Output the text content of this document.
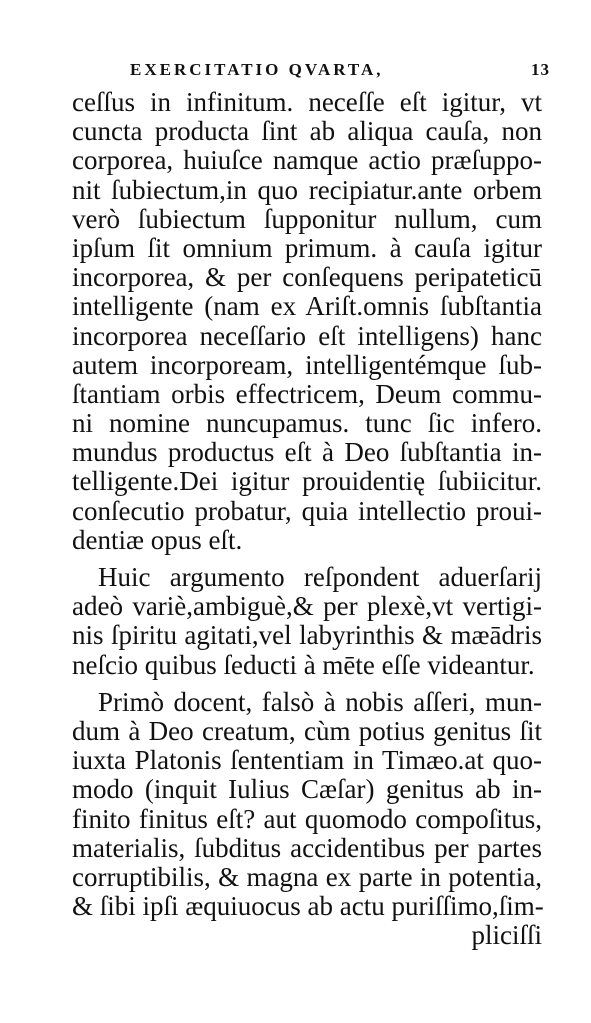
EXERCITATIO QVARTA,	13
ceſſus in infinitum. neceſſe eſt igitur, vt
cuncta producta ſint ab aliqua cauſa, non
corporea, huiuſce namque actio præſuppo-
nit ſubiectum,in quo recipiatur.ante orbem
verò ſubiectum ſupponitur nullum, cum
ipſum ſit omnium primum. à cauſa igitur
incorporea, & per conſequens peripateticū
intelligente (nam ex Ariſt.omnis ſubſtantia
incorporea neceſſario eſt intelligens) hanc
autem incorpoream, intelligentémque ſub-
ſtantiam orbis effectricem, Deum commu-
ni nomine nuncupamus. tunc ſic infero.
mundus productus eſt à Deo ſubſtantia in-
telligente.Dei igitur prouidentię ſubiicitur.
conſecutio probatur, quia intellectio proui-
dentiæ opus eſt.
Huic argumento reſpondent aduerſarij
adeò variè,ambiguè,& per plexè,vt vertigi-
nis ſpiritu agitati,vel labyrinthis & mæādris
neſcio quibus ſeducti à mēte eſſe videantur.
Primò docent, falsò à nobis aſſeri, mun-
dum à Deo creatum, cùm potius genitus ſit
iuxta Platonis ſententiam in Timæo.at quo-
modo (inquit Iulius Cæſar) genitus ab in-
finito finitus eſt? aut quomodo compoſitus,
materialis, ſubditus accidentibus per partes
corruptibilis, & magna ex parte in potentia,
& ſibi ipſi æquiuocus ab actu puriſſimo,ſim-
pliciſſi
